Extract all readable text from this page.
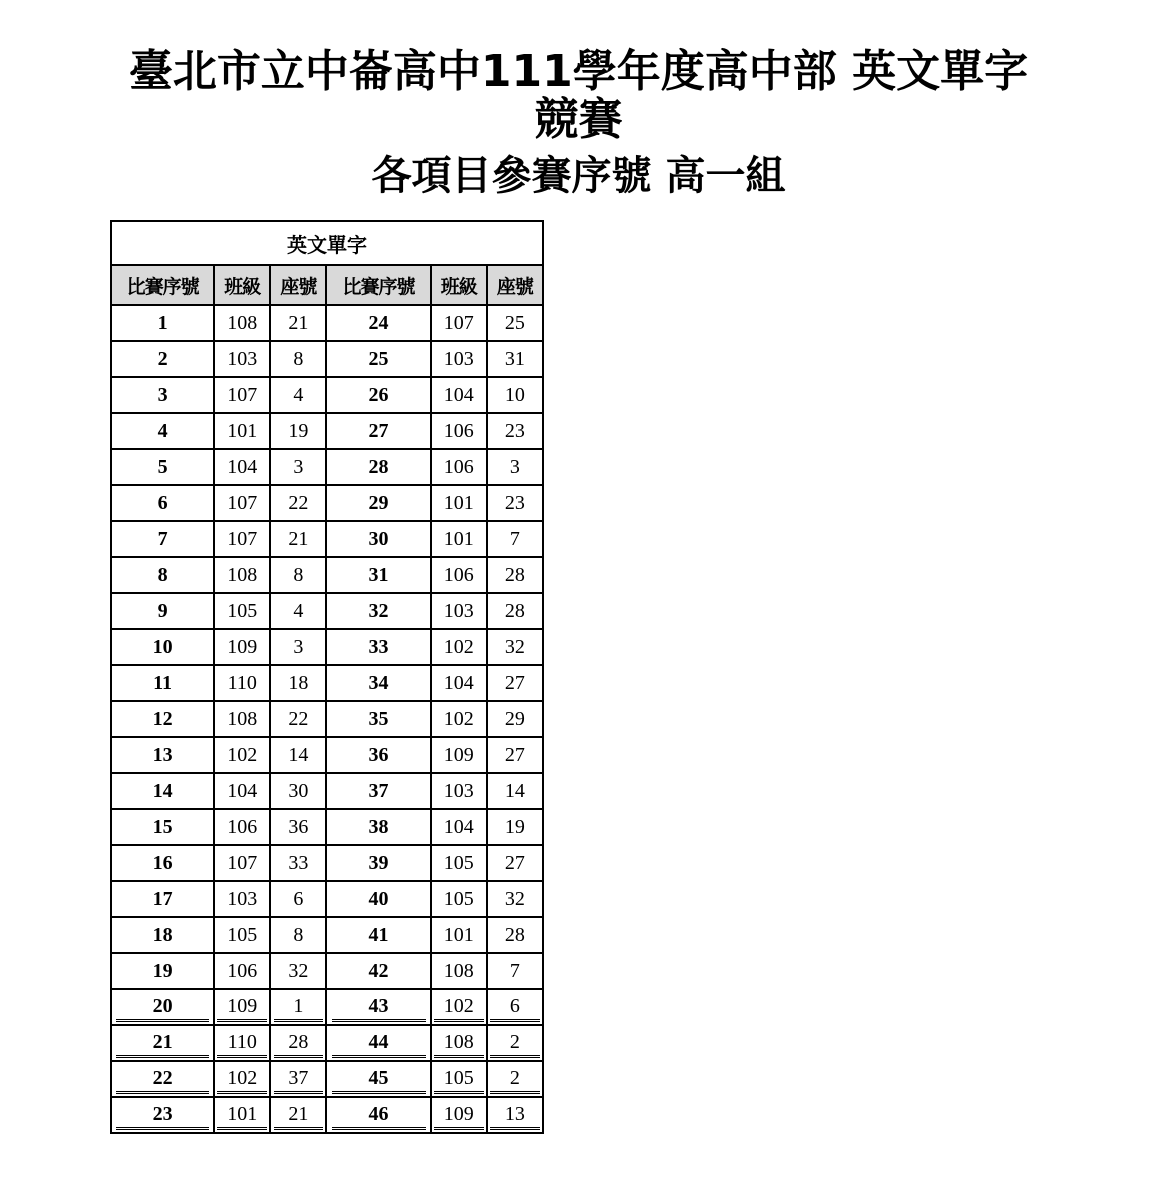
臺北市立中崙高中111學年度高中部 英文單字競賽
各項目參賽序號 高一組
英文單字					
比賽序號	班級	座號	比賽序號	班級	座號
1	108	21	24	107	25
2	103	8	25	103	31
3	107	4	26	104	10
4	101	19	27	106	23
5	104	3	28	106	3
6	107	22	29	101	23
7	107	21	30	101	7
8	108	8	31	106	28
9	105	4	32	103	28
10	109	3	33	102	32
11	110	18	34	104	27
12	108	22	35	102	29
13	102	14	36	109	27
14	104	30	37	103	14
15	106	36	38	104	19
16	107	33	39	105	27
17	103	6	40	105	32
18	105	8	41	101	28
19	106	32	42	108	7
20	109	1	43	102	6
21	110	28	44	108	2
22	102	37	45	105	2
23	101	21	46	109	13
